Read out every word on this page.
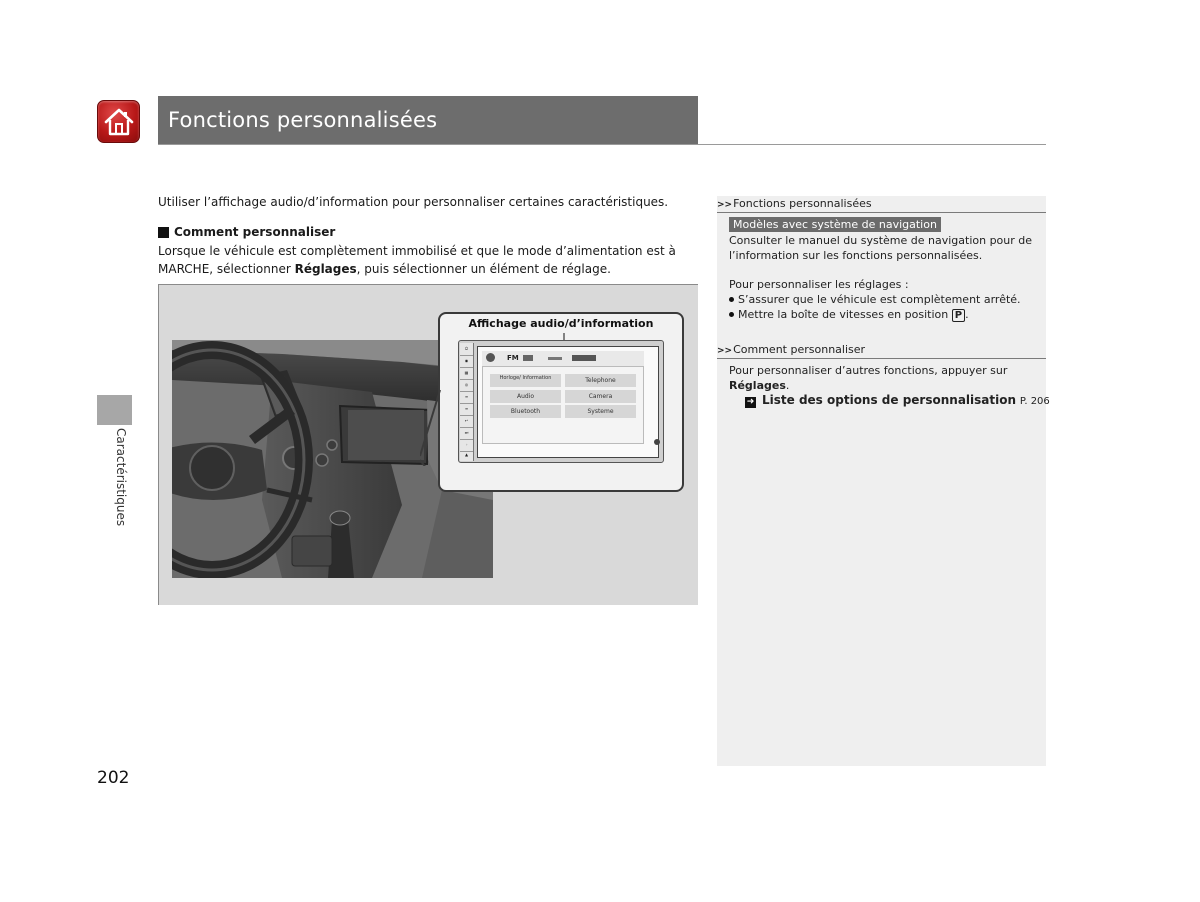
Fonctions personnalisées
Caractéristiques
Utiliser l’affichage audio/d’information pour personnaliser certaines caractéristiques.
Comment personnaliser
Lorsque le véhicule est complètement immobilisé et que le mode d’alimentation est à
MARCHE, sélectionner Réglages, puis sélectionner un élément de réglage.
Affichage audio/d’information
⏻
◉
▦
◎
≡
≡
↩
⏭
◦
▲
FM
Horloge/ Information	Telephone
Audio	Camera
Bluetooth	Systeme
>>Fonctions personnalisées
Modèles avec système de navigation
Consulter le manuel du système de navigation pour de
l’information sur les fonctions personnalisées.
Pour personnaliser les réglages :
S’assurer que le véhicule est complètement arrêté.
Mettre la boîte de vitesses en position P .
>>Comment personnaliser
Pour personnaliser d’autres fonctions, appuyer sur
Réglages.
➜ Liste des options de personnalisation P. 206
202
